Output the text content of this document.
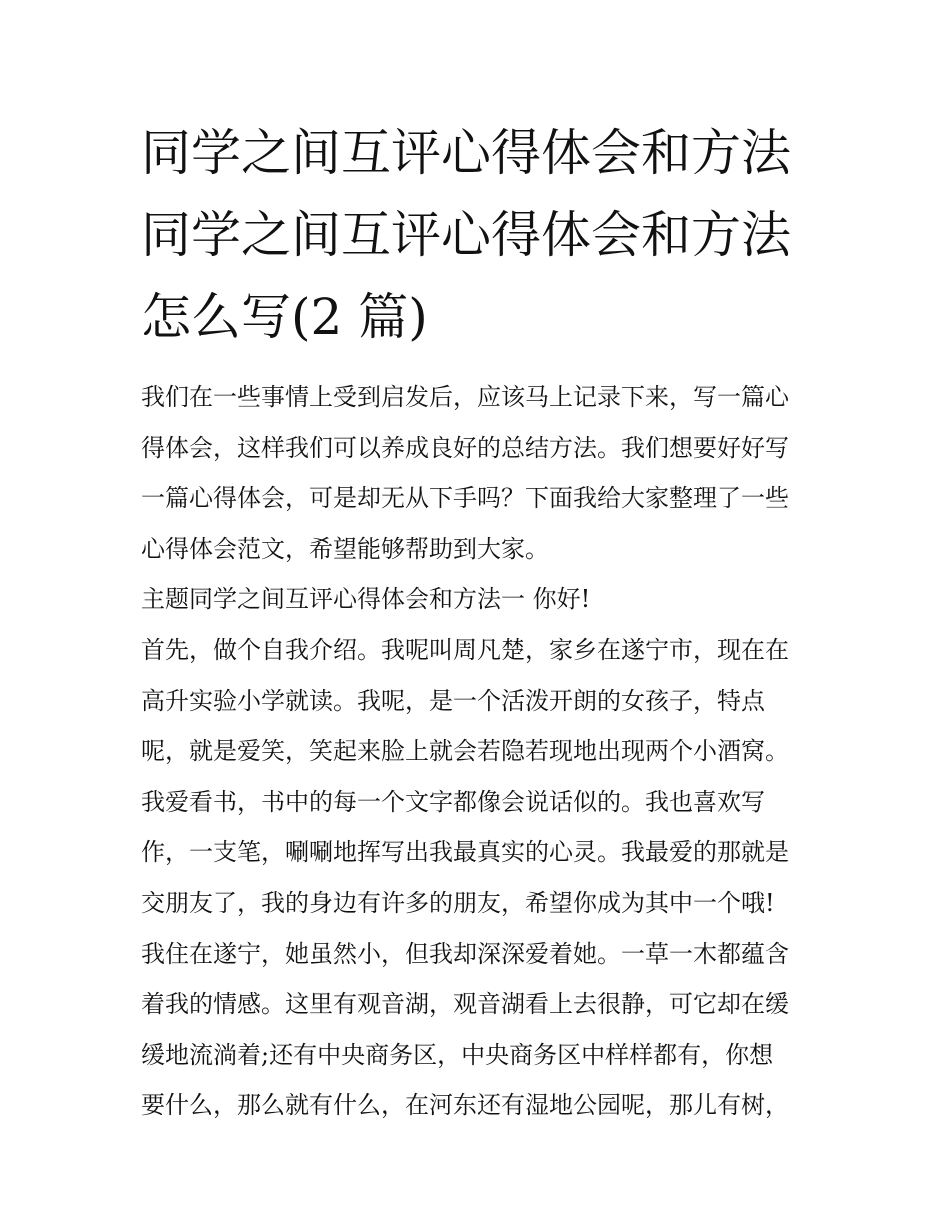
同学之间互评心得体会和方法
同学之间互评心得体会和方法
怎么写(2 篇)
我们在一些事情上受到启发后，应该马上记录下来，写一篇心
得体会，这样我们可以养成良好的总结方法。我们想要好好写
一篇心得体会，可是却无从下手吗？下面我给大家整理了一些
心得体会范文，希望能够帮助到大家。
主题同学之间互评心得体会和方法一 你好!
首先，做个自我介绍。我呢叫周凡楚，家乡在遂宁市，现在在
高升实验小学就读。我呢，是一个活泼开朗的女孩子，特点
呢，就是爱笑，笑起来脸上就会若隐若现地出现两个小酒窝。
我爱看书，书中的每一个文字都像会说话似的。我也喜欢写
作，一支笔，唰唰地挥写出我最真实的心灵。我最爱的那就是
交朋友了，我的身边有许多的朋友，希望你成为其中一个哦!
我住在遂宁，她虽然小，但我却深深爱着她。一草一木都蕴含
着我的情感。这里有观音湖，观音湖看上去很静，可它却在缓
缓地流淌着;还有中央商务区，中央商务区中样样都有，你想
要什么，那么就有什么，在河东还有湿地公园呢，那儿有树，
